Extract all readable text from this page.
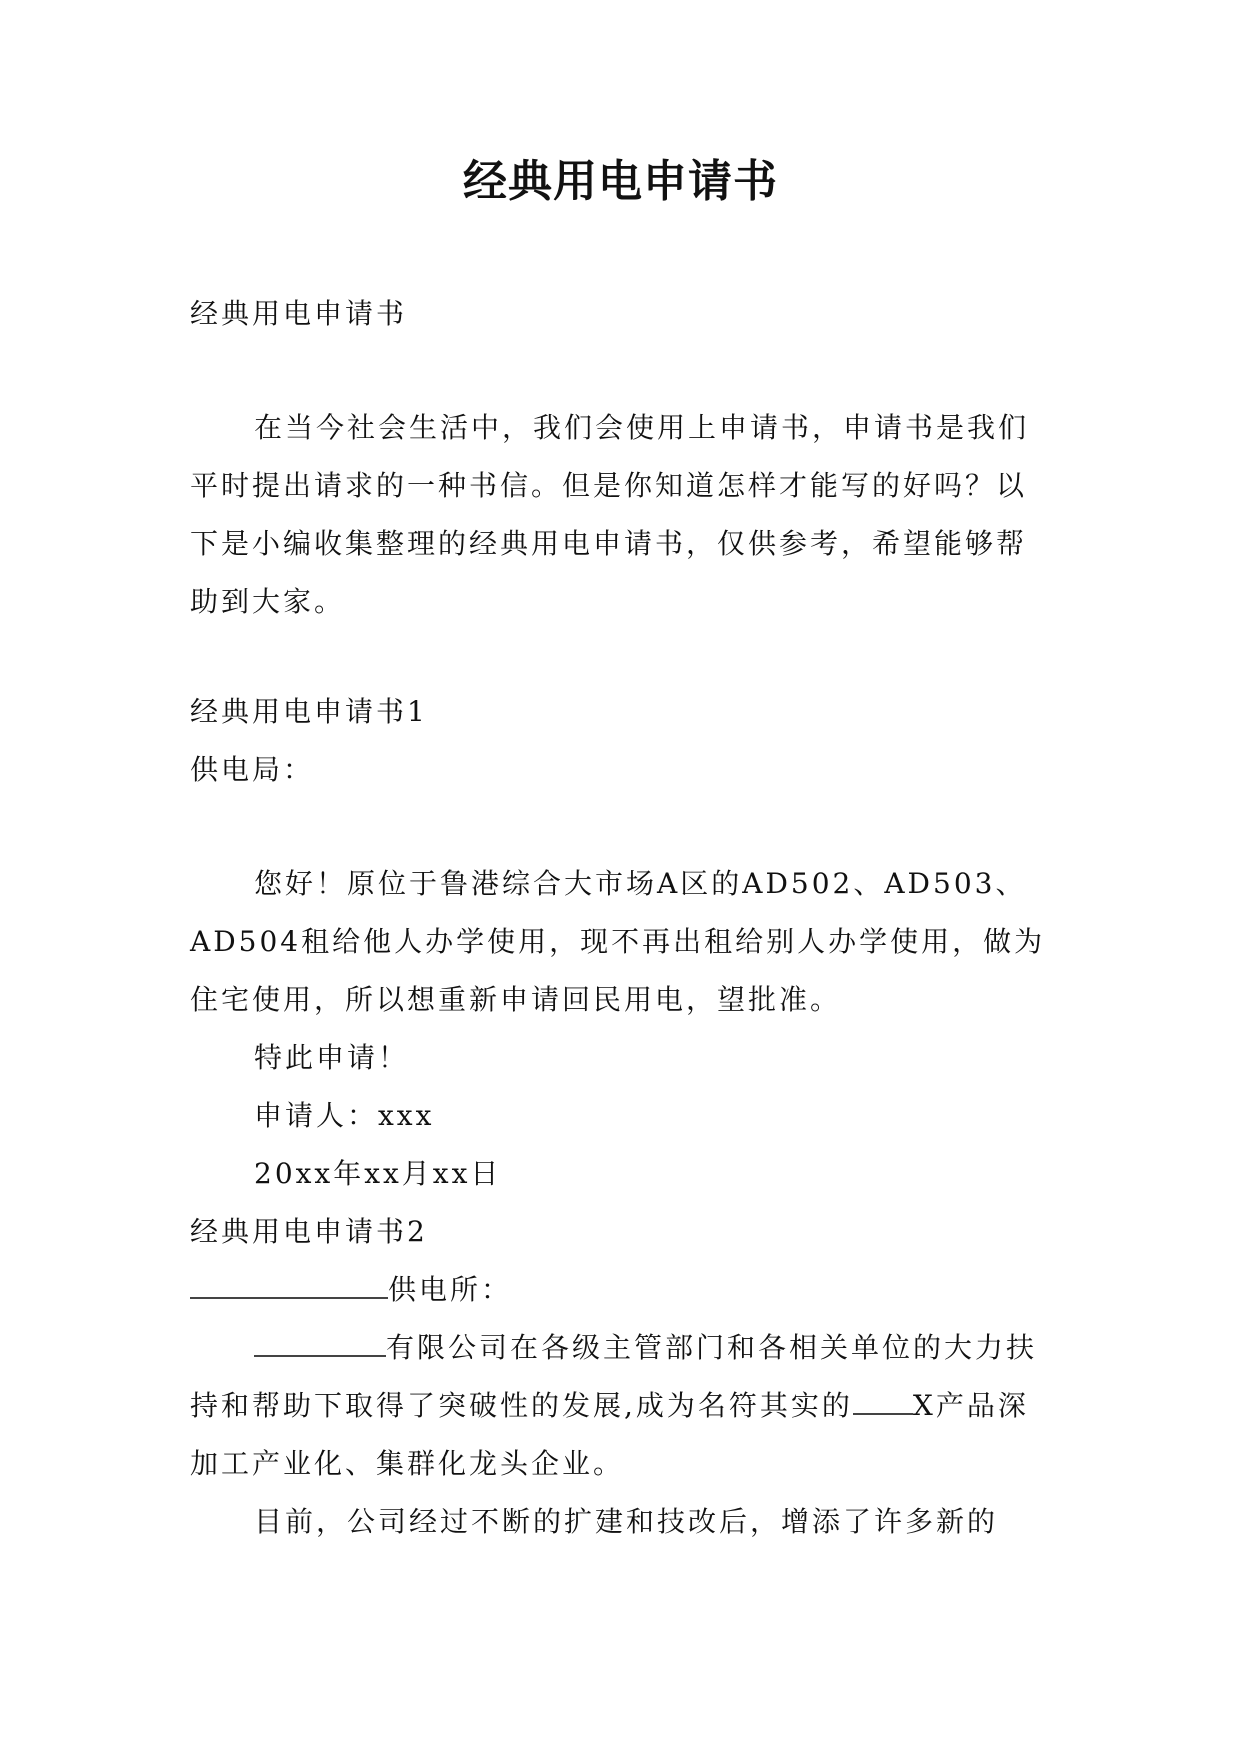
经典用电申请书

经典用电申请书

在当今社会生活中，我们会使用上申请书，申请书是我们平时提出请求的一种书信。但是你知道怎样才能写的好吗？以下是小编收集整理的经典用电申请书，仅供参考，希望能够帮助到大家。

经典用电申请书1

供电局：

您好！原位于鲁港综合大市场A区的AD502、AD503、AD504租给他人办学使用，现不再出租给别人办学使用，做为住宅使用，所以想重新申请回民用电，望批准。

特此申请！

申请人：xxx

20xx年xx月xx日

经典用电申请书2

供电所：

有限公司在各级主管部门和各相关单位的大力扶持和帮助下取得了突破性的发展,成为名符其实的 X产品深加工产业化、集群化龙头企业。

目前，公司经过不断的扩建和技改后，增添了许多新的
